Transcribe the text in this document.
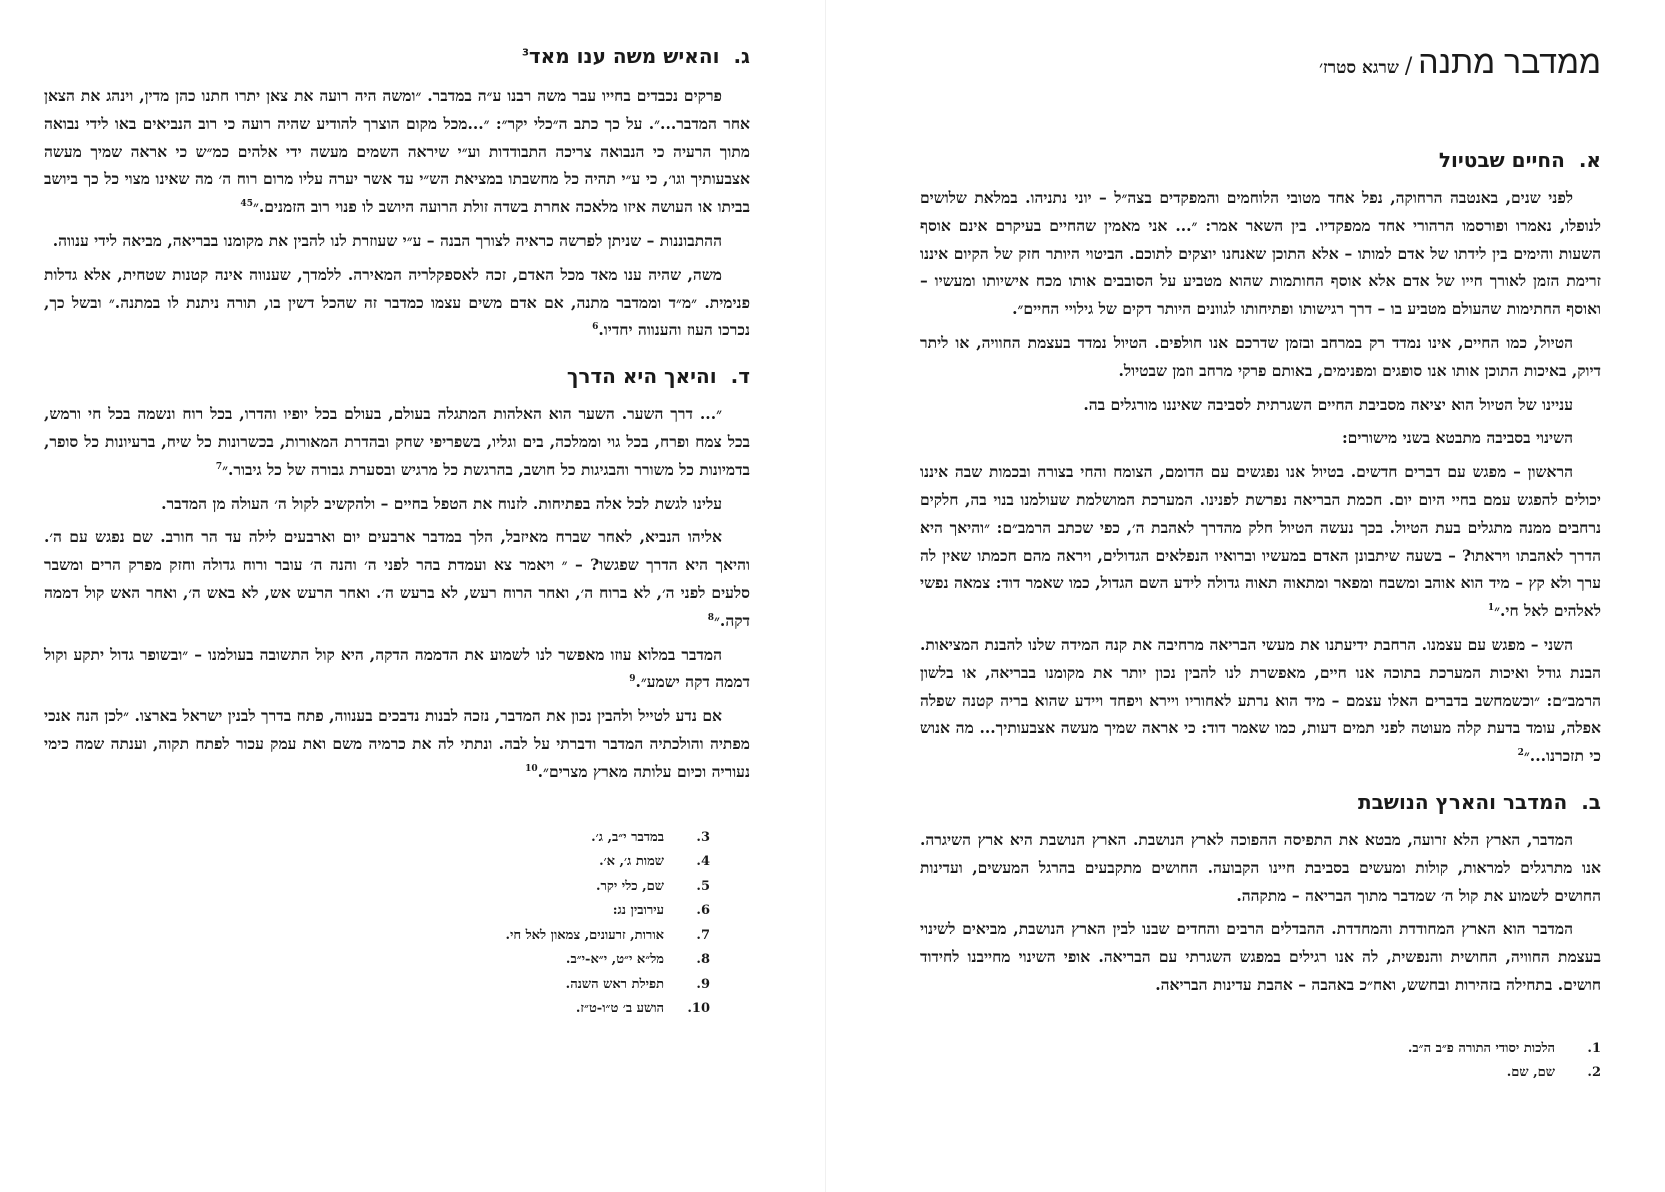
ג.והאיש משה ענו מאד$^3$

פרקים נכבדים בחייו עבר משה רבנו ע״ה במדבר. ״ומשה היה רועה את צאן יתרו חתנו כהן מדין, וינהג את הצאן אחר המדבר...״. על כך כתב ה״כלי יקר״: ״...מכל מקום הוצרך להודיע שהיה רועה כי רוב הנביאים באו לידי נבואה מתוך הרעיה כי הנבואה צריכה התבודדות וע״י שיראה השמים מעשה ידי אלהים כמ״ש כי אראה שמיך מעשה אצבעותיך וגו׳, כי ע״י תהיה כל מחשבתו במציאת הש״י עד אשר יערה עליו מרום רוח ה׳ מה שאינו מצוי כל כך ביושב בביתו או העושה איזו מלאכה אחרת בשדה זולת הרועה היושב לו פנוי רוב הזמנים.״$^{45}$

ההתבוננות – שניתן לפרשה כראיה לצורך הבנה – ע״י שעוזרת לנו להבין את מקומנו בבריאה, מביאה לידי ענווה.

משה, שהיה ענו מאד מכל האדם, זכה לאספקלריה המאירה. ללמדך, שענווה אינה קטנות שטחית, אלא גדלות פנימית. ״מ״ד וממדבר מתנה, אם אדם משים עצמו כמדבר זה שהכל דשין בו, תורה ניתנת לו במתנה.״ ובשל כך, נכרכו העוז והענווה יחדיו.$^6$

ד.והיאך היא הדרך

״... דרך השער. השער הוא האלהות המתגלה בעולם, בעולם בכל יופיו והדרו, בכל רוח ונשמה בכל חי ורמש, בכל צמח ופרח, בכל גוי וממלכה, בים וגליו, בשפריפי שחק ובהדרת המאורות, בכשרונות כל שיח, ברעיונות כל סופר, בדמיונות כל משורר והבגיגות כל חושב, בהרגשת כל מרגיש ובסערת גבורה של כל גיבור.״$^7$

עלינו לגשת לכל אלה בפתיחות. לזנוח את הטפל בחיים – ולהקשיב לקול ה׳ העולה מן המדבר.

אליהו הנביא, לאחר שברח מאיזבל, הלך במדבר ארבעים יום וארבעים לילה עד הר חורב. שם נפגש עם ה׳. והיאך היא הדרך שפגשו? – ״ ויאמר צא ועמדת בהר לפני ה׳ והנה ה׳ עובר ורוח גדולה וחזק מפרק הרים ומשבר סלעים לפני ה׳, לא ברוח ה׳, ואחר הרוח רעש, לא ברעש ה׳. ואחר הרעש אש, לא באש ה׳, ואחר האש קול דממה דקה.״$^8$

המדבר במלוא עוזו מאפשר לנו לשמוע את הדממה הדקה, היא קול התשובה בעולמנו – ״ובשופר גדול יתקע וקול דממה דקה ישמע״.$^9$

אם נדע לטייל ולהבין נכון את המדבר, נזכה לבנות נדבכים בענווה, פתח בדרך לבנין ישראל בארצו. ״לכן הנה אנכי מפתיה והולכתיה המדבר ודברתי על לבה. ונתתי לה את כרמיה משם ואת עמק עכור לפתח תקוה, וענתה שמה כימי נעוריה וכיום עלותה מארץ מצרים״.$^{10}$

3.
במדבר י״ב, ג׳.
4.
שמות ג׳, א׳.
5.
שם, כלי יקר.
6.
עירובין נג:
7.
אורות, זרעונים, צמאון לאל חי.
8.
מל״א י״ט, י״א-י״ב.
9.
תפילת ראש השנה.
10.
הושע ב׳ ט״ו-ט״ז.
ממדבר מתנה/שרגא סטרז׳
א.החיים שבטיול

לפני שנים, באנטבה הרחוקה, נפל אחד מטובי הלוחמים והמפקדים בצה״ל – יוני נתניהו. במלאת שלושים לנופלו, נאמרו ופורסמו הרהורי אחד ממפקדיו. בין השאר אמר: ״... אני מאמין שהחיים בעיקרם אינם אוסף השעות והימים בין לידתו של אדם למותו – אלא התוכן שאנחנו יוצקים לתוכם. הביטוי היותר חזק של הקיום איננו זרימת הזמן לאורך חייו של אדם אלא אוסף החותמות שהוא מטביע על הסובבים אותו מכח אישיותו ומעשיו – ואוסף החתימות שהעולם מטביע בו – דרך רגישותו ופתיחותו לגוונים היותר דקים של גילויי החיים״.

הטיול, כמו החיים, אינו נמדד רק במרחב ובזמן שדרכם אנו חולפים. הטיול נמדד בעצמת החוויה, או ליתר דיוק, באיכות התוכן אותו אנו סופגים ומפנימים, באותם פרקי מרחב וזמן שבטיול.

עניינו של הטיול הוא יציאה מסביבת החיים השגרתית לסביבה שאיננו מורגלים בה.

השינוי בסביבה מתבטא בשני מישורים:

הראשון – מפגש עם דברים חדשים. בטיול אנו נפגשים עם הדומם, הצומח והחי בצורה ובכמות שבה איננו יכולים להפגש עמם בחיי היום יום. חכמת הבריאה נפרשת לפנינו. המערכת המושלמת שעולמנו בנוי בה, חלקים נרחבים ממנה מתגלים בעת הטיול. בכך נעשה הטיול חלק מהדרך לאהבת ה׳, כפי שכתב הרמב״ם: ״והיאך היא הדרך לאהבתו ויראתו? – בשעה שיתבונן האדם במעשיו וברואיו הנפלאים הגדולים, ויראה מהם חכמתו שאין לה ערך ולא קץ – מיד הוא אוהב ומשבח ומפאר ומתאוה תאוה גדולה לידע השם הגדול, כמו שאמר דוד: צמאה נפשי לאלהים לאל חי.״$^1$

השני – מפגש עם עצמנו. הרחבת ידיעתנו את מעשי הבריאה מרחיבה את קנה המידה שלנו להבנת המציאות. הבנת גודל ואיכות המערכת בתוכה אנו חיים, מאפשרת לנו להבין נכון יותר את מקומנו בבריאה, או בלשון הרמב״ם: ״וכשמחשב בדברים האלו עצמם – מיד הוא נרתע לאחוריו ויירא ויפחד ויידע שהוא בריה קטנה שפלה אפלה, עומד בדעת קלה מעוטה לפני תמים דעות, כמו שאמר דוד: כי אראה שמיך מעשה אצבעותיך... מה אנוש כי תזכרנו...״$^2$

ב.המדבר והארץ הנושבת

המדבר, הארץ הלא זרועה, מבטא את התפיסה ההפוכה לארץ הנושבת. הארץ הנושבת היא ארץ השיגרה. אנו מתרגלים למראות, קולות ומעשים בסביבת חיינו הקבועה. החושים מתקבעים בהרגל המעשים, ועדינות החושים לשמוע את קול ה׳ שמדבר מתוך הבריאה – מתקהה.

המדבר הוא הארץ המחודדת והמחדדת. ההבדלים הרבים והחדים שבנו לבין הארץ הנושבת, מביאים לשינוי בעצמת החוויה, החושית והנפשית, לה אנו רגילים במפגש השגרתי עם הבריאה. אופי השינוי מחייבנו לחידוד חושים. בתחילה בזהירות ובחשש, ואח״כ באהבה – אהבת עדינות הבריאה.

1.
הלכות יסודי התורה פ״ב ה״ב.
2.
שם, שם.
